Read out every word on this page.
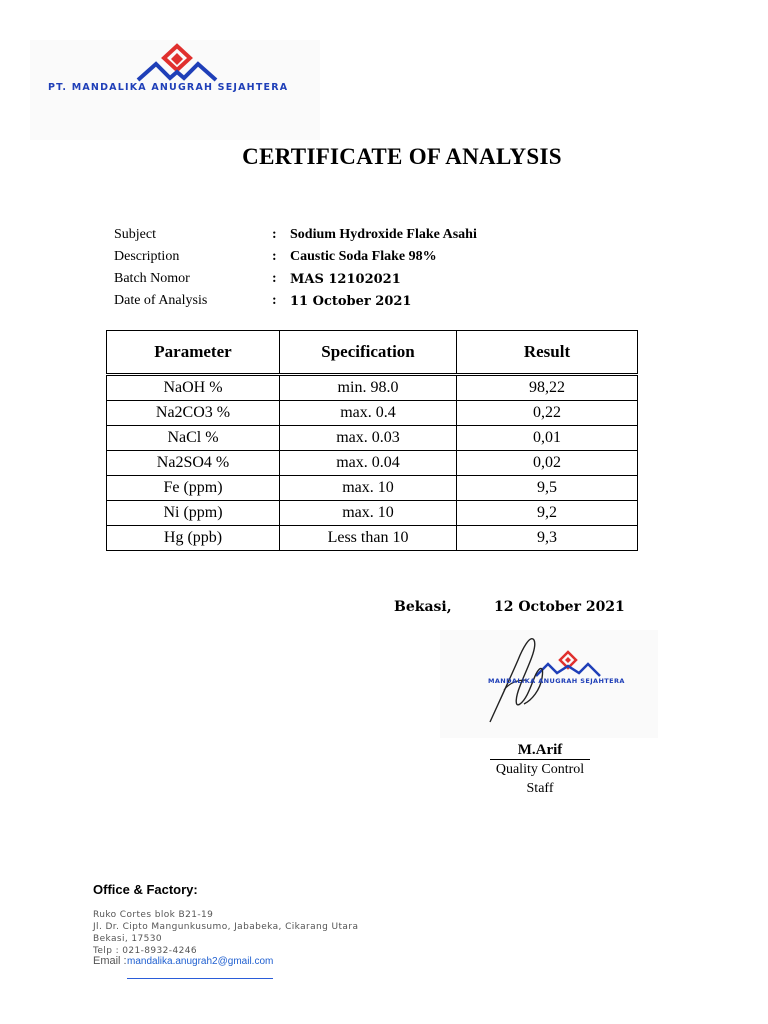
PT. MANDALIKA ANUGRAH SEJAHTERA
CERTIFICATE OF ANALYSIS
Subject	: Sodium Hydroxide Flake Asahi
Description	: Caustic Soda Flake 98%
Batch Nomor	:	MAS 12102021
Date of Analysis	:	11 October 2021
Parameter	Specification	Result
NaOH %	min. 98.0	98,22
Na2CO3 %	max. 0.4	0,22
NaCl %	max. 0.03	0,01
Na2SO4 %	max. 0.04	0,02
Fe (ppm)	max. 10	9,5
Ni (ppm)	max. 10	9,2
Hg (ppb)	Less than 10	9,3
Bekasi,	12 October 2021
MANDALIKA ANUGRAH SEJAHTERA
M.Arif
Quality Control
Staff
Office & Factory:
Ruko Cortes blok B21-19
Jl. Dr. Cipto Mangunkusumo, Jababeka, Cikarang Utara
Bekasi, 17530
Telp : 021-8932-4246
Email : mandalika.anugrah2@gmail.com
